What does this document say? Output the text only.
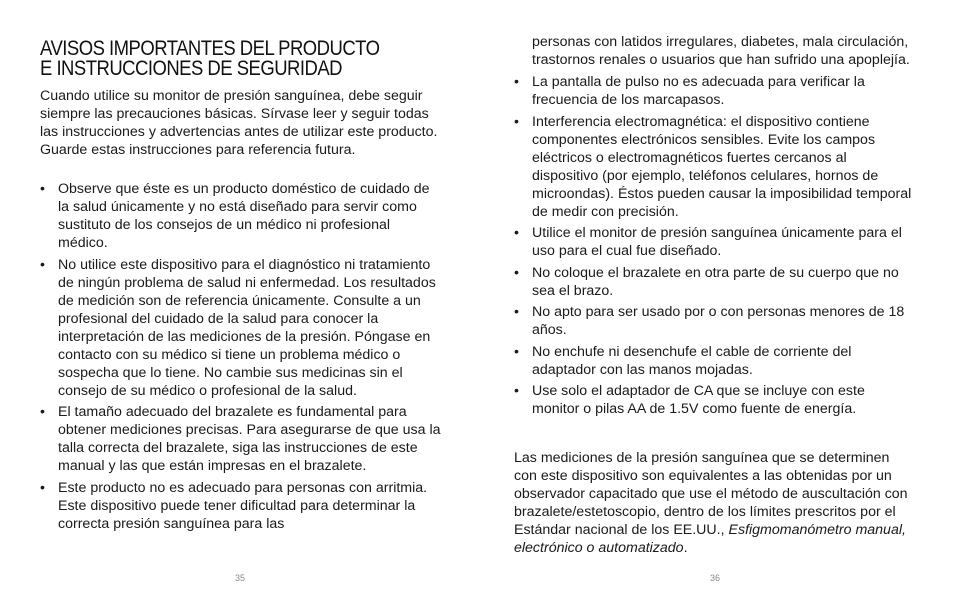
AVISOS IMPORTANTES DEL PRODUCTO
E INSTRUCCIONES DE SEGURIDAD

Cuando utilice su monitor de presión sanguínea, debe seguir siempre las precauciones básicas. Sírvase leer y seguir todas las instrucciones y advertencias antes de utilizar este producto. Guarde estas instrucciones para referencia futura.

• Observe que éste es un producto doméstico de cuidado de la salud únicamente y no está diseñado para servir como sustituto de los consejos de un médico ni profesional médico.
• No utilice este dispositivo para el diagnóstico ni tratamiento de ningún problema de salud ni enfermedad. Los resultados de medición son de referencia únicamente. Consulte a un profesional del cuidado de la salud para conocer la interpretación de las mediciones de la presión. Póngase en contacto con su médico si tiene un problema médico o sospecha que lo tiene. No cambie sus medicinas sin el consejo de su médico o profesional de la salud.
• El tamaño adecuado del brazalete es fundamental para obtener mediciones precisas. Para asegurarse de que usa la talla correcta del brazalete, siga las instrucciones de este manual y las que están impresas en el brazalete.
• Este producto no es adecuado para personas con arritmia. Este dispositivo puede tener dificultad para determinar la correcta presión sanguínea para las
35
personas con latidos irregulares, diabetes, mala circulación, trastornos renales o usuarios que han sufrido una apoplejía.
• La pantalla de pulso no es adecuada para verificar la frecuencia de los marcapasos.
• Interferencia electromagnética: el dispositivo contiene componentes electrónicos sensibles. Evite los campos eléctricos o electromagnéticos fuertes cercanos al dispositivo (por ejemplo, teléfonos celulares, hornos de microondas). Éstos pueden causar la imposibilidad temporal de medir con precisión.
• Utilice el monitor de presión sanguínea únicamente para el uso para el cual fue diseñado.
• No coloque el brazalete en otra parte de su cuerpo que no sea el brazo.
• No apto para ser usado por o con personas menores de 18 años.
• No enchufe ni desenchufe el cable de corriente del adaptador con las manos mojadas.
• Use solo el adaptador de CA que se incluye con este monitor o pilas AA de 1.5V como fuente de energía.

Las mediciones de la presión sanguínea que se determinen con este dispositivo son equivalentes a las obtenidas por un observador capacitado que use el método de auscultación con brazalete/estetoscopio, dentro de los límites prescritos por el Estándar nacional de los EE.UU., Esfigmomanómetro manual, electrónico o automatizado.

36
